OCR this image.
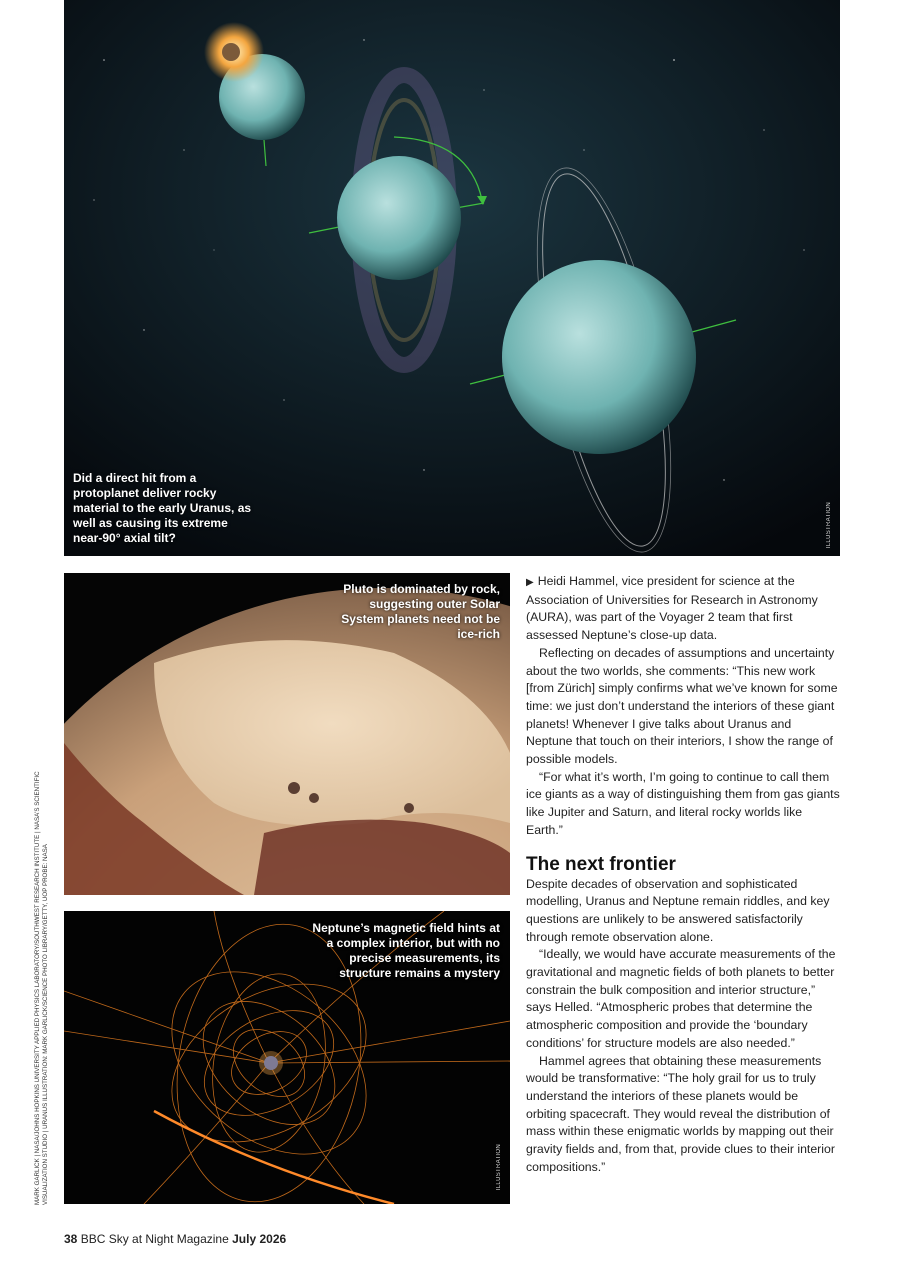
Did a direct hit from a protoplanet deliver rocky material to the early Uranus, as well as causing its extreme near-90° axial tilt?	ILLUSTRATION
Pluto is dominated by rock, suggesting outer Solar System planets need not be ice-rich
Neptune’s magnetic field hints at a complex interior, but with no precise measurements, its structure remains a mystery
ILLUSTRATION
MARK GARLICK | NASA/JOHNS HOPKINS UNIVERSITY APPLIED PHYSICS LABORATORY/SOUTHWEST RESEARCH INSTITUTE | NASA'S SCIENTIFIC VISUALIZATION STUDIO | URANUS ILLUSTRATION: MARK GARLICK/SCIENCE PHOTO LIBRARY/GETTY, UOP PROBE: NASA

▶ Heidi Hammel, vice president for science at the Association of Universities for Research in Astronomy (AURA), was part of the Voyager 2 team that first assessed Neptune’s close-up data.

Reflecting on decades of assumptions and uncertainty about the two worlds, she comments: “This new work [from Zürich] simply confirms what we’ve known for some time: we just don’t understand the interiors of these giant planets! Whenever I give talks about Uranus and Neptune that touch on their interiors, I show the range of possible models.

“For what it’s worth, I’m going to continue to call them ice giants as a way of distinguishing them from gas giants like Jupiter and Saturn, and literal rocky worlds like Earth.”

The next frontier

Despite decades of observation and sophisticated modelling, Uranus and Neptune remain riddles, and key questions are unlikely to be answered satisfactorily through remote observation alone.

“Ideally, we would have accurate measurements of the gravitational and magnetic fields of both planets to better constrain the bulk composition and interior structure,” says Helled. “Atmospheric probes that determine the atmospheric composition and provide the ‘boundary conditions’ for structure models are also needed.”

Hammel agrees that obtaining these measurements would be transformative: “The holy grail for us to truly understand the interiors of these planets would be orbiting spacecraft. They would reveal the distribution of mass within these enigmatic worlds by mapping out their gravity fields and, from that, provide clues to their interior compositions.”

38 BBC Sky at Night Magazine July 2026
